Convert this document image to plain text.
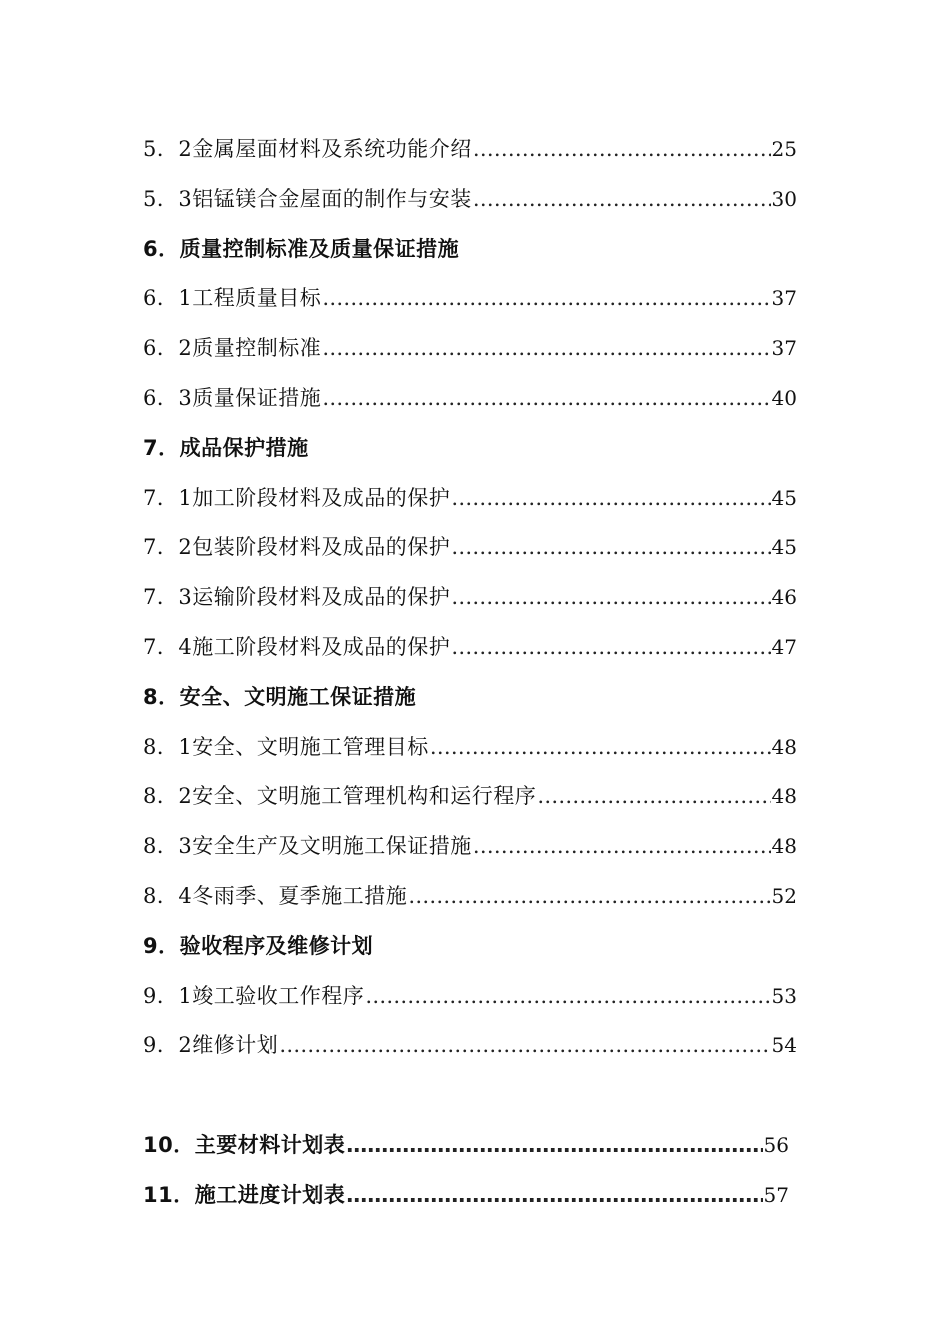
5．2金属屋面材料及系统功能介绍 ………………………………………………………………………………………………………………………………………………	25
5．3铝锰镁合金屋面的制作与安装 ………………………………………………………………………………………………………………………………………………	30
6．质量控制标准及质量保证措施
6．1工程质量目标 ………………………………………………………………………………………………………………………………………………	37
6．2质量控制标准 ………………………………………………………………………………………………………………………………………………	37
6．3质量保证措施 ………………………………………………………………………………………………………………………………………………	40
7．成品保护措施
7．1加工阶段材料及成品的保护 ………………………………………………………………………………………………………………………………………………	45
7．2包装阶段材料及成品的保护 ………………………………………………………………………………………………………………………………………………	45
7．3运输阶段材料及成品的保护 ………………………………………………………………………………………………………………………………………………	46
7．4施工阶段材料及成品的保护 ………………………………………………………………………………………………………………………………………………	47
8．安全、文明施工保证措施
8．1安全、文明施工管理目标 ………………………………………………………………………………………………………………………………………………	48
8．2安全、文明施工管理机构和运行程序 ………………………………………………………………………………………………………………………………………………	48
8．3安全生产及文明施工保证措施 ………………………………………………………………………………………………………………………………………………	48
8．4冬雨季、夏季施工措施 ………………………………………………………………………………………………………………………………………………	52
9．验收程序及维修计划
9．1竣工验收工作程序 ………………………………………………………………………………………………………………………………………………	53
9．2维修计划 ………………………………………………………………………………………………………………………………………………	54
10．主要材料计划表 ………………………………………………………………………………………………………………………………………………	56
11．施工进度计划表 ………………………………………………………………………………………………………………………………………………	57
